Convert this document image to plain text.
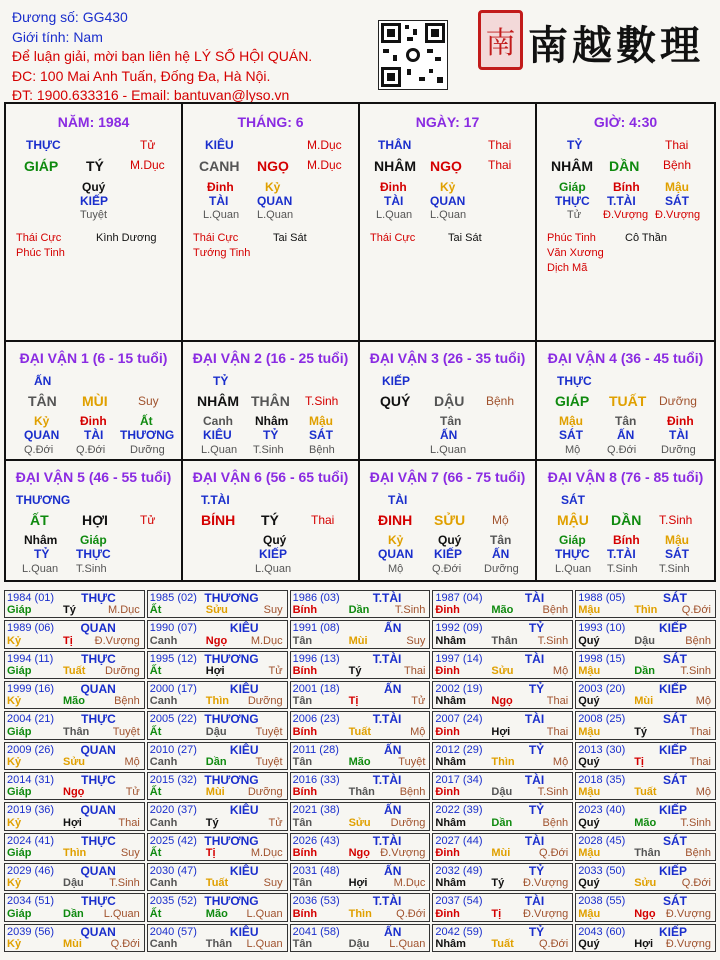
Đương số: GG430
Giới tính: Nam
Để luận giải, mời bạn liên hệ LÝ SỐ HỘI QUÁN.
ĐC: 100 Mai Anh Tuấn, Đống Đa, Hà Nội.
ĐT: 1900.633316 - Email: bantuvan@lyso.vn
南 南越數理
NĂM: 1984
THỰC	Tử
GIÁP TÝ M.Dục
Quý
KIẾP
Tuyệt
Thái Cực	Kình Dương
Phúc Tinh
THÁNG: 6
KIÊU	M.Dục
CANH NGỌ M.Dục
Đinh
TÀI
L.Quan
Kỷ
QUAN
L.Quan
Thái Cực	Tai Sát
Tướng Tinh
NGÀY: 17
THÂN	Thai
NHÂM NGỌ Thai
Đinh
TÀI
L.Quan
Kỷ
QUAN
L.Quan
Thái Cực	Tai Sát
GIỜ: 4:30
TỶ	Thai
NHÂM DẦN Bệnh
Giáp
THỰC
Tử
Bính
T.TÀI
Đ.Vượng
Mậu
SÁT
Đ.Vượng
Phúc Tinh	Cô Thần
Văn Xương
Dịch Mã
ĐẠI VẬN 1 (6 - 15 tuổi)
ẤN
TÂN MÙI	Suy
Kỷ
QUAN
Q.Đới
Đinh
TÀI
Q.Đới
Ất
THƯƠNG
Dưỡng
ĐẠI VẬN 2 (16 - 25 tuổi)
TỶ
NHÂM THÂN T.Sinh
Canh
KIÊU
L.Quan
Nhâm
TỶ
T.Sinh
Mậu
SÁT
Bệnh
ĐẠI VẬN 3 (26 - 35 tuổi)
KIẾP
QUÝ DẬU Bệnh
Tân
ẤN
L.Quan
ĐẠI VẬN 4 (36 - 45 tuổi)
THỰC
GIÁP TUẤT Dưỡng
Mậu
SÁT
Mộ
Tân
ẤN
Q.Đới
Đinh
TÀI
Dưỡng
ĐẠI VẬN 5 (46 - 55 tuổi)
THƯƠNG
ẤT HỢI	Tử
Nhâm
TỶ
L.Quan
Giáp
THỰC
T.Sinh
ĐẠI VẬN 6 (56 - 65 tuổi)
T.TÀI
BÍNH TÝ	Thai
Quý
KIẾP
L.Quan
ĐẠI VẬN 7 (66 - 75 tuổi)
TÀI
ĐINH SỬU Mộ
Kỷ
QUAN
Mộ
Quý
KIẾP
Q.Đới
Tân
ẤN
Dưỡng
ĐẠI VẬN 8 (76 - 85 tuổi)
SÁT
MẬU DẦN T.Sinh
Giáp
THỰC
L.Quan
Bính
T.TÀI
T.Sinh
Mậu
SÁT
T.Sinh
1984 (01) THỰC
Giáp	Tý	M.Dục
1985 (02) THƯƠNG
Ất	Sửu	Suy
1986 (03)	T.TÀI
Bính	Dần T.Sinh
1987 (04)	TÀI
Đinh	Mão	Bệnh
1988 (05)	SÁT
Mậu	Thìn Q.Đới
1989 (06) QUAN
Kỷ	Tị Đ.Vượng
1990 (07)	KIÊU
Canh	Ngọ M.Dục
1991 (08)	ẤN
Tân	Mùi	Suy
1992 (09)	TỶ
Nhâm Thân T.Sinh
1993 (10)	KIẾP
Quý	Dậu	Bệnh
1994 (11) THỰC
Giáp	Tuất Dưỡng
1995 (12) THƯƠNG
Ất	Hợi	Tử
1996 (13)	T.TÀI
Bính	Tý	Thai
1997 (14)	TÀI
Đinh	Sửu	Mộ
1998 (15)	SÁT
Mậu	Dần T.Sinh
1999 (16) QUAN
Kỷ	Mão	Bệnh
2000 (17)	KIÊU
Canh	Thìn Dưỡng
2001 (18)	ẤN
Tân	Tị	Tử
2002 (19)	TỶ
Nhâm Ngọ	Thai
2003 (20)	KIẾP
Quý	Mùi	Mộ
2004 (21) THỰC
Giáp	Thân Tuyệt
2005 (22) THƯƠNG
Ất	Dậu	Tuyệt
2006 (23)	T.TÀI
Bính	Tuất	Mộ
2007 (24)	TÀI
Đinh	Hợi	Thai
2008 (25)	SÁT
Mậu	Tý	Thai
2009 (26) QUAN
Kỷ	Sửu	Mộ
2010 (27)	KIÊU
Canh	Dần	Tuyệt
2011 (28)	ẤN
Tân	Mão	Tuyệt
2012 (29)	TỶ
Nhâm Thìn	Mộ
2013 (30)	KIẾP
Quý	Tị	Thai
2014 (31) THỰC
Giáp	Ngọ	Tử
2015 (32) THƯƠNG
Ất	Mùi Dưỡng
2016 (33)	T.TÀI
Bính	Thân Bệnh
2017 (34)	TÀI
Đinh	Dậu T.Sinh
2018 (35)	SÁT
Mậu	Tuất	Mộ
2019 (36) QUAN
Kỷ	Hợi	Thai
2020 (37)	KIÊU
Canh	Tý	Tử
2021 (38)	ẤN
Tân	Sửu Dưỡng
2022 (39)	TỶ
Nhâm Dần	Bệnh
2023 (40)	KIẾP
Quý	Mão T.Sinh
2024 (41) THỰC
Giáp	Thìn	Suy
2025 (42) THƯƠNG
Ất	Tị	M.Dục
2026 (43)	T.TÀI
Bính	Ngọ Đ.Vượng
2027 (44)	TÀI
Đinh	Mùi	Q.Đới
2028 (45)	SÁT
Mậu	Thân Bệnh
2029 (46) QUAN
Kỷ	Dậu T.Sinh
2030 (47)	KIÊU
Canh	Tuất	Suy
2031 (48)	ẤN
Tân	Hợi M.Dục
2032 (49)	TỶ
Nhâm Tý Đ.Vượng
2033 (50)	KIẾP
Quý	Sửu Q.Đới
2034 (51) THỰC
Giáp	Dần L.Quan
2035 (52) THƯƠNG
Ất	Mão L.Quan
2036 (53)	T.TÀI
Bính	Thìn Q.Đới
2037 (54)	TÀI
Đinh	Tị Đ.Vượng
2038 (55)	SÁT
Mậu	Ngọ Đ.Vượng
2039 (56) QUAN
Kỷ	Mùi	Q.Đới
2040 (57)	KIÊU
Canh	Thân L.Quan
2041 (58)	ẤN
Tân	Dậu L.Quan
2042 (59)	TỶ
Nhâm Tuất Q.Đới
2043 (60)	KIẾP
Quý	Hợi Đ.Vượng
